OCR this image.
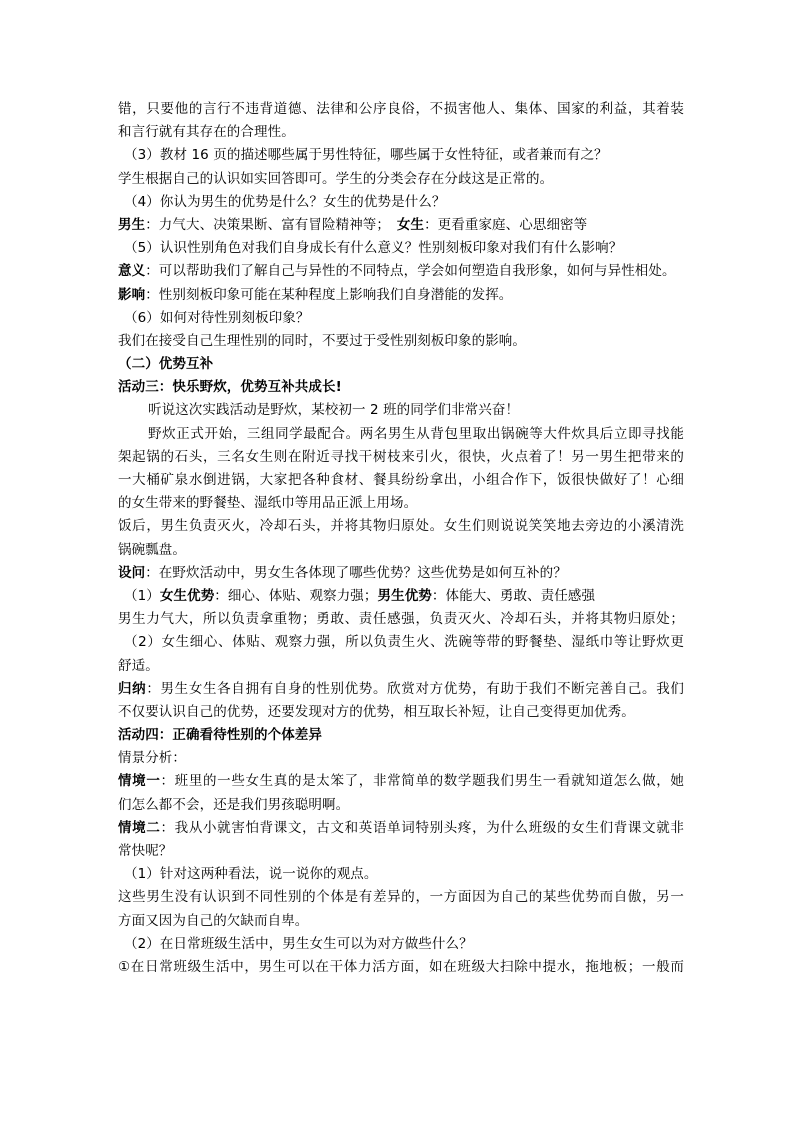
错，只要他的言行不违背道德、法律和公序良俗，不损害他人、集体、国家的利益，其着装
和言行就有其存在的合理性。
（3）教材 16 页的描述哪些属于男性特征，哪些属于女性特征，或者兼而有之？
学生根据自己的认识如实回答即可。学生的分类会存在分歧这是正常的。
（4）你认为男生的优势是什么？女生的优势是什么？
男生：力气大、决策果断、富有冒险精神等；　女生：更看重家庭、心思细密等
（5）认识性别角色对我们自身成长有什么意义？性别刻板印象对我们有什么影响？
意义：可以帮助我们了解自己与异性的不同特点，学会如何塑造自我形象，如何与异性相处。
影响：性别刻板印象可能在某种程度上影响我们自身潜能的发挥。
（6）如何对待性别刻板印象？
我们在接受自己生理性别的同时，不要过于受性别刻板印象的影响。
（二）优势互补
活动三：快乐野炊，优势互补共成长!
听说这次实践活动是野炊，某校初一 2 班的同学们非常兴奋！
野炊正式开始，三组同学最配合。两名男生从背包里取出锅碗等大件炊具后立即寻找能
架起锅的石头，三名女生则在附近寻找干树枝来引火，很快，火点着了！另一男生把带来的
一大桶矿泉水倒进锅，大家把各种食材、餐具纷纷拿出，小组合作下，饭很快做好了！心细
的女生带来的野餐垫、湿纸巾等用品正派上用场。
饭后，男生负责灭火，冷却石头，并将其物归原处。女生们则说说笑笑地去旁边的小溪清洗
锅碗瓢盘。
设问：在野炊活动中，男女生各体现了哪些优势？这些优势是如何互补的？
（1）女生优势：细心、体贴、观察力强；男生优势：体能大、勇敢、责任感强
男生力气大，所以负责拿重物；勇敢、责任感强，负责灭火、冷却石头，并将其物归原处；
（2）女生细心、体贴、观察力强，所以负责生火、洗碗等带的野餐垫、湿纸巾等让野炊更
舒适。
归纳：男生女生各自拥有自身的性别优势。欣赏对方优势，有助于我们不断完善自己。我们
不仅要认识自己的优势，还要发现对方的优势，相互取长补短，让自己变得更加优秀。
活动四：正确看待性别的个体差异
情景分析：
情境一：班里的一些女生真的是太笨了，非常简单的数学题我们男生一看就知道怎么做，她
们怎么都不会，还是我们男孩聪明啊。
情境二：我从小就害怕背课文，古文和英语单词特别头疼，为什么班级的女生们背课文就非
常快呢？
（1）针对这两种看法，说一说你的观点。
这些男生没有认识到不同性别的个体是有差异的，一方面因为自己的某些优势而自傲，另一
方面又因为自己的欠缺而自卑。
（2）在日常班级生活中，男生女生可以为对方做些什么？
①在日常班级生活中，男生可以在干体力活方面，如在班级大扫除中提水，拖地板；一般而
